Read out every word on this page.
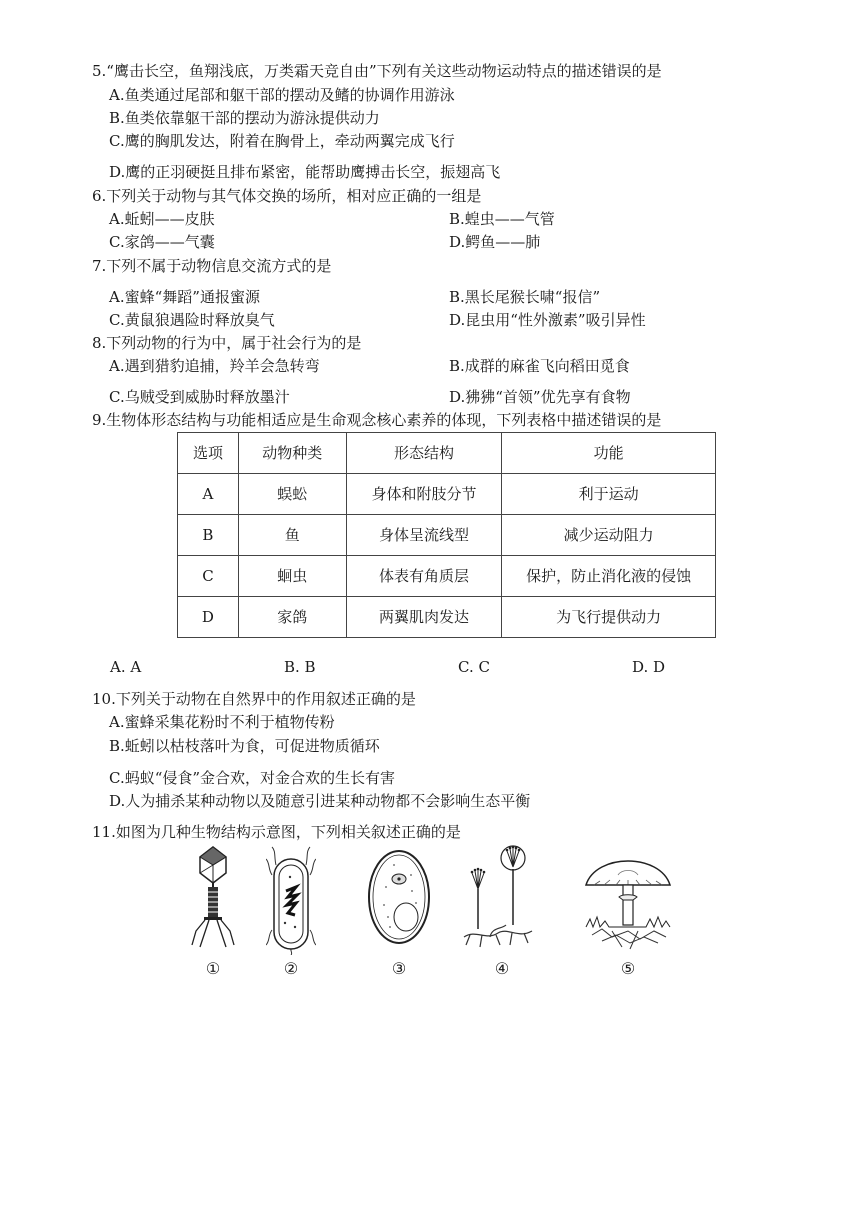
5.“鹰击长空，鱼翔浅底，万类霜天竞自由”下列有关这些动物运动特点的描述错误的是
A.鱼类通过尾部和躯干部的摆动及鳍的协调作用游泳
B.鱼类依靠躯干部的摆动为游泳提供动力
C.鹰的胸肌发达，附着在胸骨上，牵动两翼完成飞行
D.鹰的正羽硬挺且排布紧密，能帮助鹰搏击长空，振翅高飞
6.下列关于动物与其气体交换的场所，相对应正确的一组是
A.蚯蚓——皮肤	B.蝗虫——气管
C.家鸽——气囊	D.鳄鱼——肺
7.下列不属于动物信息交流方式的是
A.蜜蜂“舞蹈”通报蜜源	B.黑长尾猴长啸“报信”
C.黄鼠狼遇险时释放臭气	D.昆虫用“性外激素”吸引异性
8.下列动物的行为中，属于社会行为的是
A.遇到猎豹追捕，羚羊会急转弯	B.成群的麻雀飞向稻田觅食
C.乌贼受到威胁时释放墨汁	D.狒狒“首领”优先享有食物
9.生物体形态结构与功能相适应是生命观念核心素养的体现，下列表格中描述错误的是
选项	动物种类	形态结构	功能
A	蜈蚣	身体和附肢分节	利于运动
B	鱼	身体呈流线型	减少运动阻力
C	蛔虫	体表有角质层	保护，防止消化液的侵蚀
D	家鸽	两翼肌肉发达	为飞行提供动力
A. A	B. B	C. C	D. D
10.下列关于动物在自然界中的作用叙述正确的是
A.蜜蜂采集花粉时不利于植物传粉
B.蚯蚓以枯枝落叶为食，可促进物质循环
C.蚂蚁“侵食”金合欢，对金合欢的生长有害
D.人为捕杀某种动物以及随意引进某种动物都不会影响生态平衡
11.如图为几种生物结构示意图，下列相关叙述正确的是
①	②	③	④	⑤
